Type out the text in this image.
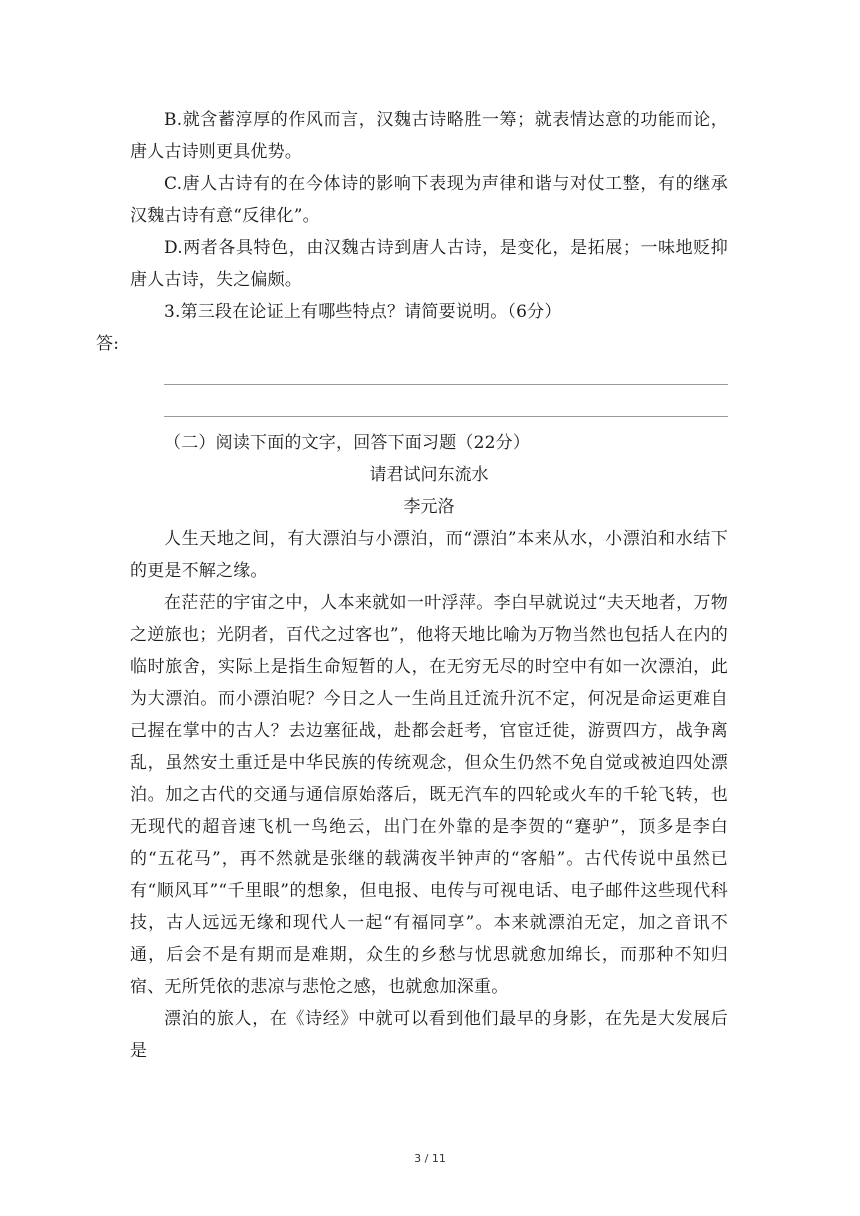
B.就含蓄淳厚的作风而言，汉魏古诗略胜一筹；就表情达意的功能而论，唐人古诗则更具优势。

C.唐人古诗有的在今体诗的影响下表现为声律和谐与对仗工整，有的继承汉魏古诗有意“反律化”。

D.两者各具特色，由汉魏古诗到唐人古诗，是变化，是拓展；一味地贬抑唐人古诗，失之偏颇。

3.第三段在论证上有哪些特点？请简要说明。（6分）

答:

（二）阅读下面的文字，回答下面习题（22分）

请君试问东流水

李元洛

人生天地之间，有大漂泊与小漂泊，而“漂泊”本来从水，小漂泊和水结下的更是不解之缘。

在茫茫的宇宙之中，人本来就如一叶浮萍。李白早就说过“夫天地者，万物之逆旅也；光阴者，百代之过客也”，他将天地比喻为万物当然也包括人在内的临时旅舍，实际上是指生命短暂的人，在无穷无尽的时空中有如一次漂泊，此为大漂泊。而小漂泊呢？今日之人一生尚且迁流升沉不定，何况是命运更难自己握在掌中的古人？去边塞征战，赴都会赶考，官宦迁徙，游贾四方，战争离乱，虽然安土重迁是中华民族的传统观念，但众生仍然不免自觉或被迫四处漂泊。加之古代的交通与通信原始落后，既无汽车的四轮或火车的千轮飞转，也无现代的超音速飞机一鸟绝云，出门在外靠的是李贺的“蹇驴”，顶多是李白的“五花马”，再不然就是张继的载满夜半钟声的“客船”。古代传说中虽然已有“顺风耳”“千里眼”的想象，但电报、电传与可视电话、电子邮件这些现代科技，古人远远无缘和现代人一起“有福同享”。本来就漂泊无定，加之音讯不通，后会不是有期而是难期，众生的乡愁与忧思就愈加绵长，而那种不知归宿、无所凭依的悲凉与悲怆之感，也就愈加深重。

漂泊的旅人，在《诗经》中就可以看到他们最早的身影，在先是大发展后是

3 / 11
